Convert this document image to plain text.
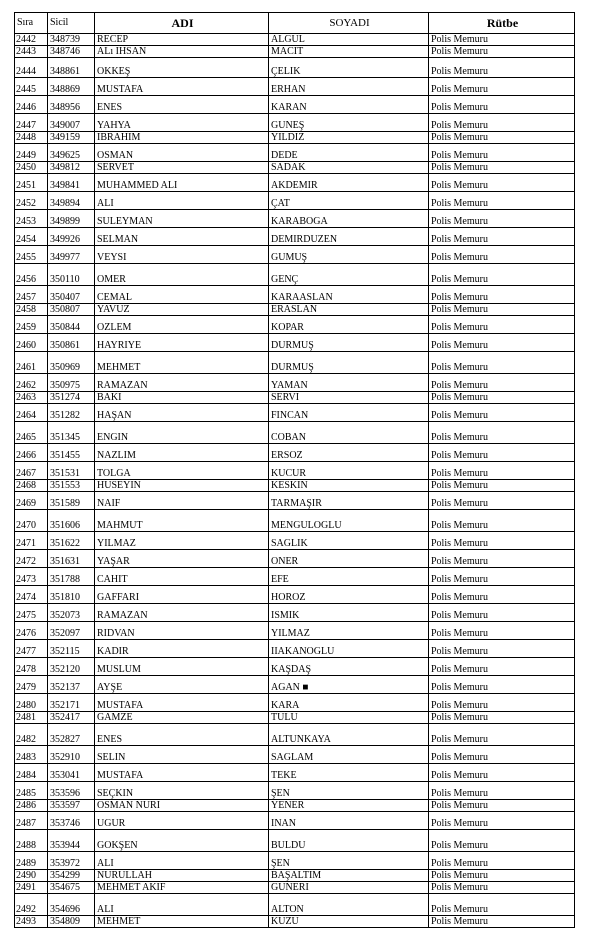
Sıra	Sicil	ADI	SOYADI	Rütbe
2442	348739	RECEP	ALGUL	Polis Memuru
2443	348746	ALı IHSAN	MACIT	Polis Memuru
2444	348861	OKKEŞ	ÇELIK	Polis Memuru
2445	348869	MUSTAFA	ERHAN	Polis Memuru
2446	348956	ENES	KARAN	Polis Memuru
2447	349007	YAHYA	GUNEŞ	Polis Memuru
2448	349159	IBRAHIM	YILDIZ	Polis Memuru
2449	349625	OSMAN	DEDE	Polis Memuru
2450	349812	SERVET	SADAK	Polis Memuru
2451	349841	MUHAMMED ALI	AKDEMIR	Polis Memuru
2452	349894	ALI	ÇAT	Polis Memuru
2453	349899	SULEYMAN	KARABOGA	Polis Memuru
2454	349926	SELMAN	DEMIRDUZEN	Polis Memuru
2455	349977	VEYSI	GUMUŞ	Polis Memuru
2456	350110	OMER	GENÇ	Polis Memuru
2457	350407	CEMAL	KARAASLAN	Polis Memuru
2458	350807	YAVUZ	ERASLAN	Polis Memuru
2459	350844	OZLEM	KOPAR	Polis Memuru
2460	350861	HAYRIYE	DURMUŞ	Polis Memuru
2461	350969	MEHMET	DURMUŞ	Polis Memuru
2462	350975	RAMAZAN	YAMAN	Polis Memuru
2463	351274	BAKI	SERVI	Polis Memuru
2464	351282	HAŞAN	FINCAN	Polis Memuru
2465	351345	ENGIN	COBAN	Polis Memuru
2466	351455	NAZLIM	ERSOZ	Polis Memuru
2467	351531	TOLGA	KUCUR	Polis Memuru
2468	351553	HUSEYIN	KESKIN	Polis Memuru
2469	351589	NAIF	TARMAŞIR	Polis Memuru
2470	351606	MAHMUT	MENGULOGLU	Polis Memuru
2471	351622	YILMAZ	SAGLIK	Polis Memuru
2472	351631	YAŞAR	ONER	Polis Memuru
2473	351788	CAHIT	EFE	Polis Memuru
2474	351810	GAFFARI	HOROZ	Polis Memuru
2475	352073	RAMAZAN	ISMIK	Polis Memuru
2476	352097	RIDVAN	YILMAZ	Polis Memuru
2477	352115	KADIR	IIAKANOGLU	Polis Memuru
2478	352120	MUSLUM	KAŞDAŞ	Polis Memuru
2479	352137	AYŞE	AGAN ■	Polis Memuru
2480	352171	MUSTAFA	KARA	Polis Memuru
2481	352417	GAMZE	TULU	Polis Memuru
2482	352827	ENES	ALTUNKAYA	Polis Memuru
2483	352910	SELIN	SAGLAM	Polis Memuru
2484	353041	MUSTAFA	TEKE	Polis Memuru
2485	353596	SEÇKIN	ŞEN	Polis Memuru
2486	353597	OSMAN NURI	YENER	Polis Memuru
2487	353746	UGUR	INAN	Polis Memuru
2488	353944	GOKŞEN	BULDU	Polis Memuru
2489	353972	ALI	ŞEN	Polis Memuru
2490	354299	NURULLAH	BAŞALTIM	Polis Memuru
2491	354675	MEHMET AKIF	GUNERI	Polis Memuru
2492	354696	ALI	ALTON	Polis Memuru
2493	354809	MEHMET	KUZU	Polis Memuru
